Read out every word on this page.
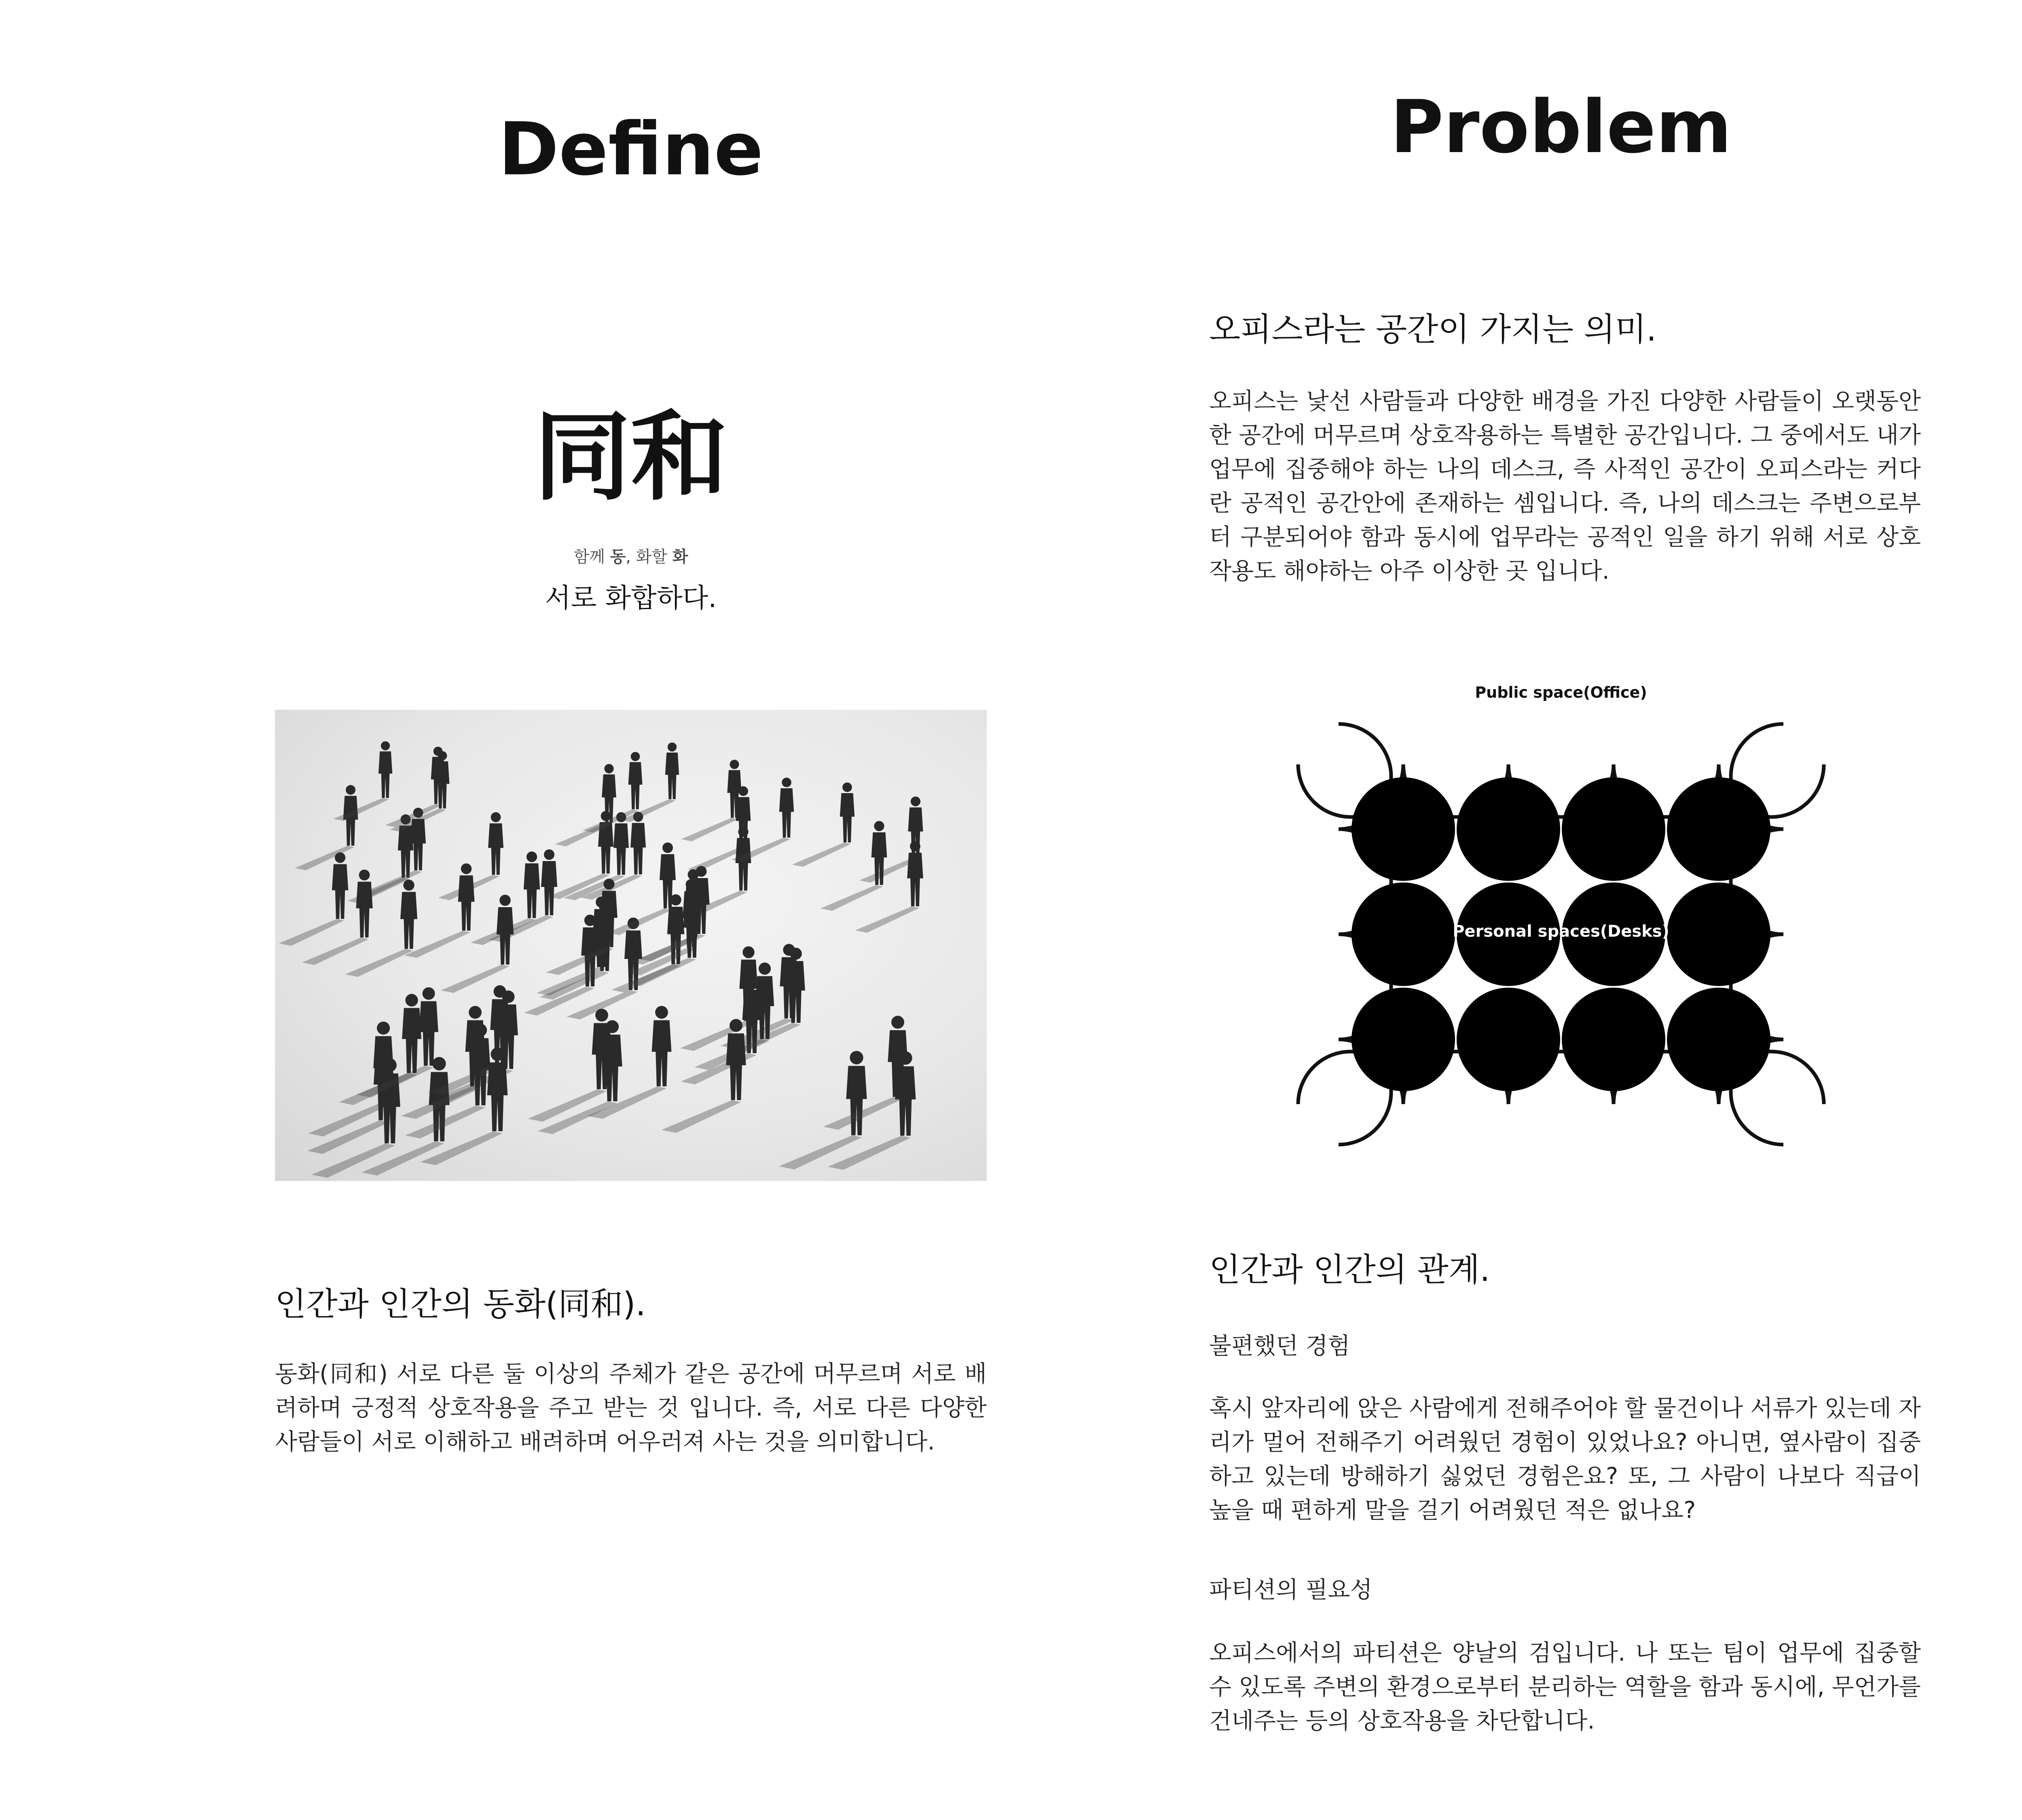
Define
同和
함께 동, 화할 화
서로 화합하다.
인간과 인간의 동화(同和).
동화(同和) 서로 다른 둘 이상의 주체가 같은 공간에 머무르며 서로 배려하며 긍정적 상호작용을 주고 받는 것 입니다. 즉, 서로 다른 다양한 사람들이 서로 이해하고 배려하며 어우러져 사는 것을 의미합니다.
Problem
오피스라는 공간이 가지는 의미.
오피스는 낯선 사람들과 다양한 배경을 가진 다양한 사람들이 오랫동안 한 공간에 머무르며 상호작용하는 특별한 공간입니다. 그 중에서도 내가 업무에 집중해야 하는 나의 데스크, 즉 사적인 공간이 오피스라는 커다란 공적인 공간안에 존재하는 셈입니다. 즉, 나의 데스크는 주변으로부터 구분되어야 함과 동시에 업무라는 공적인 일을 하기 위해 서로 상호작용도 해야하는 아주 이상한 곳 입니다.
Public space(Office)
Personal spaces(Desks)
인간과 인간의 관계.
불편했던 경험
혹시 앞자리에 앉은 사람에게 전해주어야 할 물건이나 서류가 있는데 자리가 멀어 전해주기 어려웠던 경험이 있었나요? 아니면, 옆사람이 집중하고 있는데 방해하기 싫었던 경험은요? 또, 그 사람이 나보다 직급이 높을 때 편하게 말을 걸기 어려웠던 적은 없나요?
파티션의 필요성
오피스에서의 파티션은 양날의 검입니다. 나 또는 팀이 업무에 집중할 수 있도록 주변의 환경으로부터 분리하는 역할을 함과 동시에, 무언가를 건네주는 등의 상호작용을 차단합니다.
